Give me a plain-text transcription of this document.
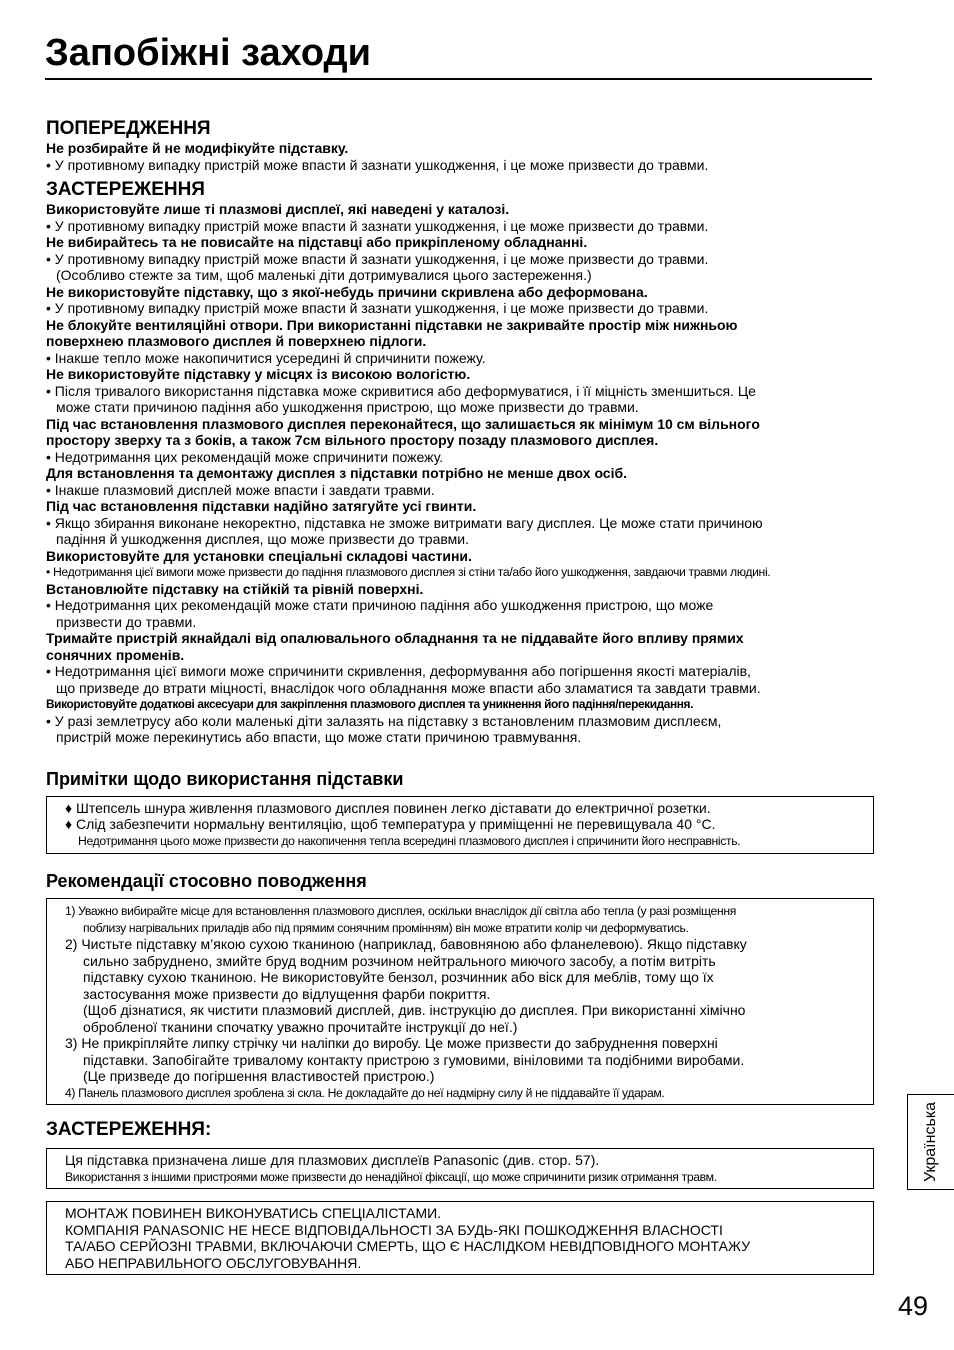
Запобіжні заходи
ПОПЕРЕДЖЕННЯ
Не розбирайте й не модифікуйте підставку.
• У противному випадку пристрій може впасти й зазнати ушкодження, і це може призвести до травми.
ЗАСТЕРЕЖЕННЯ
Використовуйте лише ті плазмові дисплеї, які наведені у каталозі.
• У противному випадку пристрій може впасти й зазнати ушкодження, і це може призвести до травми.
Не вибирайтесь та не повисайте на підставці або прикріпленому обладнанні.
• У противному випадку пристрій може впасти й зазнати ушкодження, і це може призвести до травми.
(Особливо стежте за тим, щоб маленькі діти дотримувалися цього застереження.)
Не використовуйте підставку, що з якої-небудь причини скривлена або деформована.
• У противному випадку пристрій може впасти й зазнати ушкодження, і це може призвести до травми.
Не блокуйте вентиляційні отвори. При використанні підставки не закривайте простір між нижньою
поверхнею плазмового дисплея й поверхнею підлоги.
• Інакше тепло може накопичитися усередині й спричинити пожежу.
Не використовуйте підставку у місцях із високою вологістю.
• Після тривалого використання підставка може скривитися або деформуватися, і її міцність зменшиться. Це
може стати причиною падіння або ушкодження пристрою, що може призвести до травми.
Під час встановлення плазмового дисплея переконайтеся, що залишається як мінімум 10 см вільного
простору зверху та з боків, а також 7см вільного простору позаду плазмового дисплея.
• Недотримання цих рекомендацій може спричинити пожежу.
Для встановлення та демонтажу дисплея з підставки потрібно не менше двох осіб.
• Інакше плазмовий дисплей може впасти і завдати травми.
Під час встановлення підставки надійно затягуйте усі гвинти.
• Якщо збирання виконане некоректно, підставка не зможе витримати вагу дисплея. Це може стати причиною
падіння й ушкодження дисплея, що може призвести до травми.
Використовуйте для установки спеціальні складові частини.
• Недотримання цієї вимоги може призвести до падіння плазмового дисплея зі стіни та/або його ушкодження, завдаючи травми людині.
Встановлюйте підставку на стійкій та рівній поверхні.
• Недотримання цих рекомендацій може стати причиною падіння або ушкодження пристрою, що може
призвести до травми.
Тримайте пристрій якнайдалі від опалювального обладнання та не піддавайте його впливу прямих
сонячних променів.
• Недотримання цієї вимоги може спричинити скривлення, деформування або погіршення якості матеріалів,
що призведе до втрати міцності, внаслідок чого обладнання може впасти або зламатися та завдати травми.
Використовуйте додаткові аксесуари для закріплення плазмового дисплея та уникнення його падіння/перекидання.
• У разі землетрусу або коли маленькі діти залазять на підставку з встановленим плазмовим дисплеєм,
пристрій може перекинутись або впасти, що може стати причиною травмування.
Примітки щодо використання підставки
♦ Штепсель шнура живлення плазмового дисплея повинен легко діставати до електричної розетки.
♦ Слід забезпечити нормальну вентиляцію, щоб температура у приміщенні не перевищувала 40 °C.
Недотримання цього може призвести до накопичення тепла всередині плазмового дисплея і спричинити його несправність.
Рекомендації стосовно поводження
1) Уважно вибирайте місце для встановлення плазмового дисплея, оскільки внаслідок дії світла або тепла (у разі розміщення
поблизу нагрівальних приладів або під прямим сонячним промінням) він може втратити колір чи деформуватись.
2) Чистьте підставку м’якою сухою тканиною (наприклад, бавовняною або фланелевою). Якщо підставку
сильно забруднено, змийте бруд водним розчином нейтрального миючого засобу, а потім витріть
підставку сухою тканиною. Не використовуйте бензол, розчинник або віск для меблів, тому що їх
застосування може призвести до відлущення фарби покриття.
(Щоб дізнатися, як чистити плазмовий дисплей, див. інструкцію до дисплея. При використанні хімічно
обробленої тканини спочатку уважно прочитайте інструкції до неї.)
3) Не прикріпляйте липку стрічку чи наліпки до виробу. Це може призвести до забруднення поверхні
підставки. Запобігайте тривалому контакту пристрою з гумовими, вініловими та подібними виробами.
(Це призведе до погіршення властивостей пристрою.)
4) Панель плазмового дисплея зроблена зі скла. Не докладайте до неї надмірну силу й не піддавайте її ударам.
ЗАСТЕРЕЖЕННЯ:
Ця підставка призначена лише для плазмових дисплеїв Panasonic (див. стор. 57).
Використання з іншими пристроями може призвести до ненадійної фіксації, що може спричинити ризик отримання травм.
МОНТАЖ ПОВИНЕН ВИКОНУВАТИСЬ СПЕЦІАЛІСТАМИ.
КОМПАНІЯ PANASONIC НЕ НЕСЕ ВІДПОВІДАЛЬНОСТІ ЗА БУДЬ-ЯКІ ПОШКОДЖЕННЯ ВЛАСНОСТІ
ТА/АБО СЕРЙОЗНІ ТРАВМИ, ВКЛЮЧАЮЧИ СМЕРТЬ, ЩО Є НАСЛІДКОМ НЕВІДПОВІДНОГО МОНТАЖУ
АБО НЕПРАВИЛЬНОГО ОБСЛУГОВУВАННЯ.
Українська
49
